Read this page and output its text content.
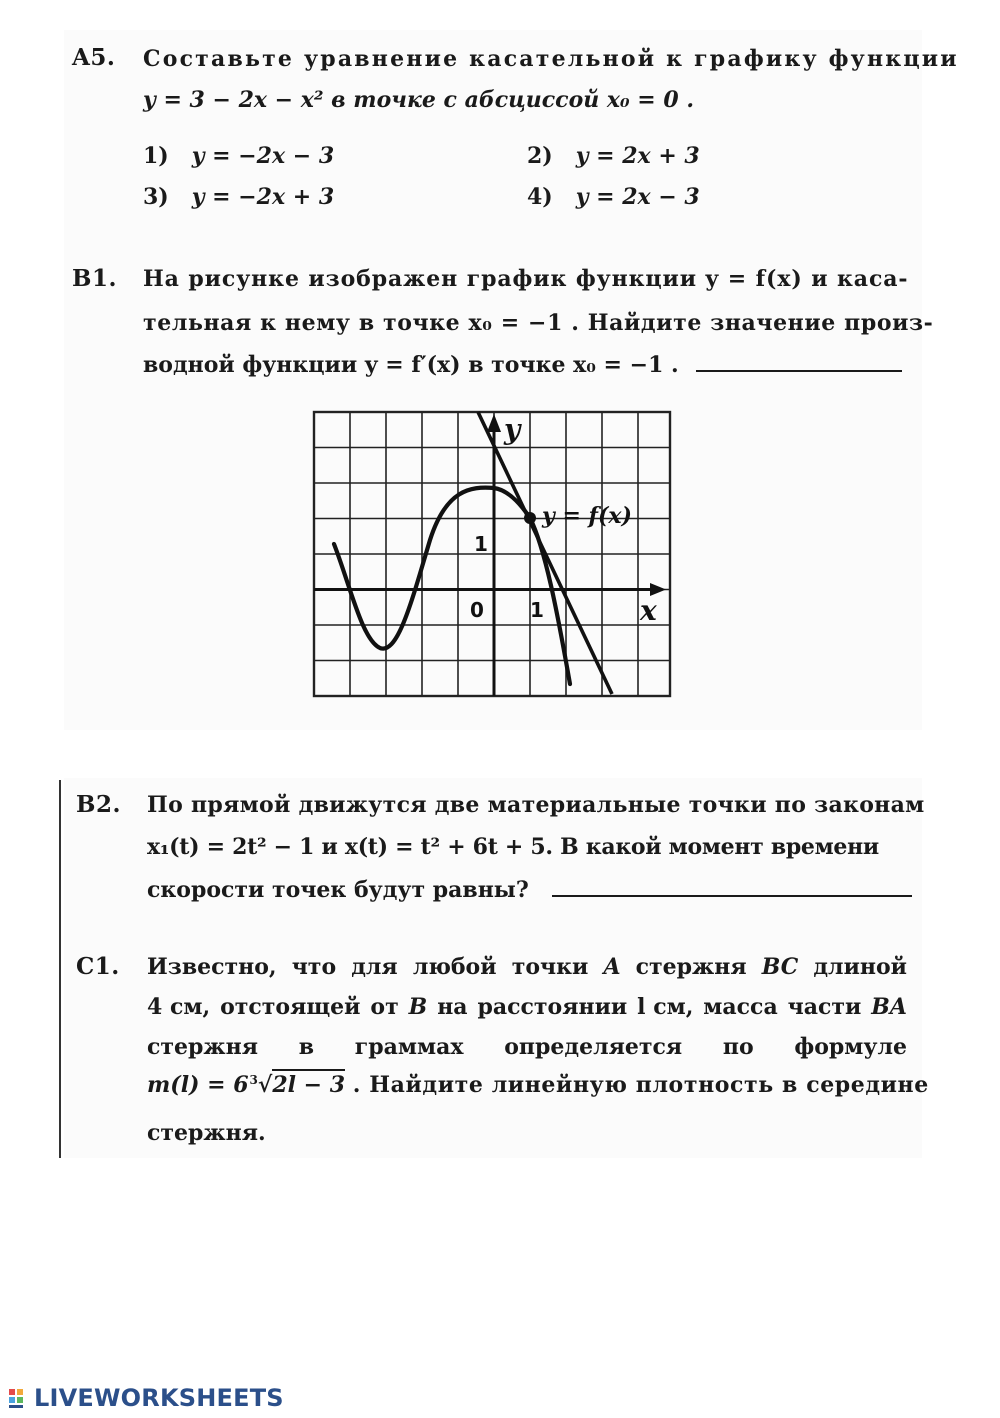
A5. Составьте уравнение касательной к графику функции
y = 3 − 2x − x² в точке с абсциссой x₀ = 0 .
1) y = −2x − 3	2) y = 2x + 3
3) y = −2x + 3	4) y = 2x − 3
B1. На рисунке изображен график функции y = f(x) и каса-
тельная к нему в точке x₀ = −1 . Найдите значение произ-
водной функции y = f′(x) в точке x₀ = −1 .
y
x
0 1
1
y = f(x)
B2. По прямой движутся две материальные точки по законам
x₁(t) = 2t² − 1 и x(t) = t² + 6t + 5. В какой момент времени
скорости точек будут равны?
C1. Известно, что для любой точки A стержня BC длиной
4 см, отстоящей от B на расстоянии l см, масса части BA
стержня в граммах определяется по формуле
$m(l) = 6^3√2l - 3$ . Найдите линейную плотность в середине
стержня.
LIVEWORKSHEETS
